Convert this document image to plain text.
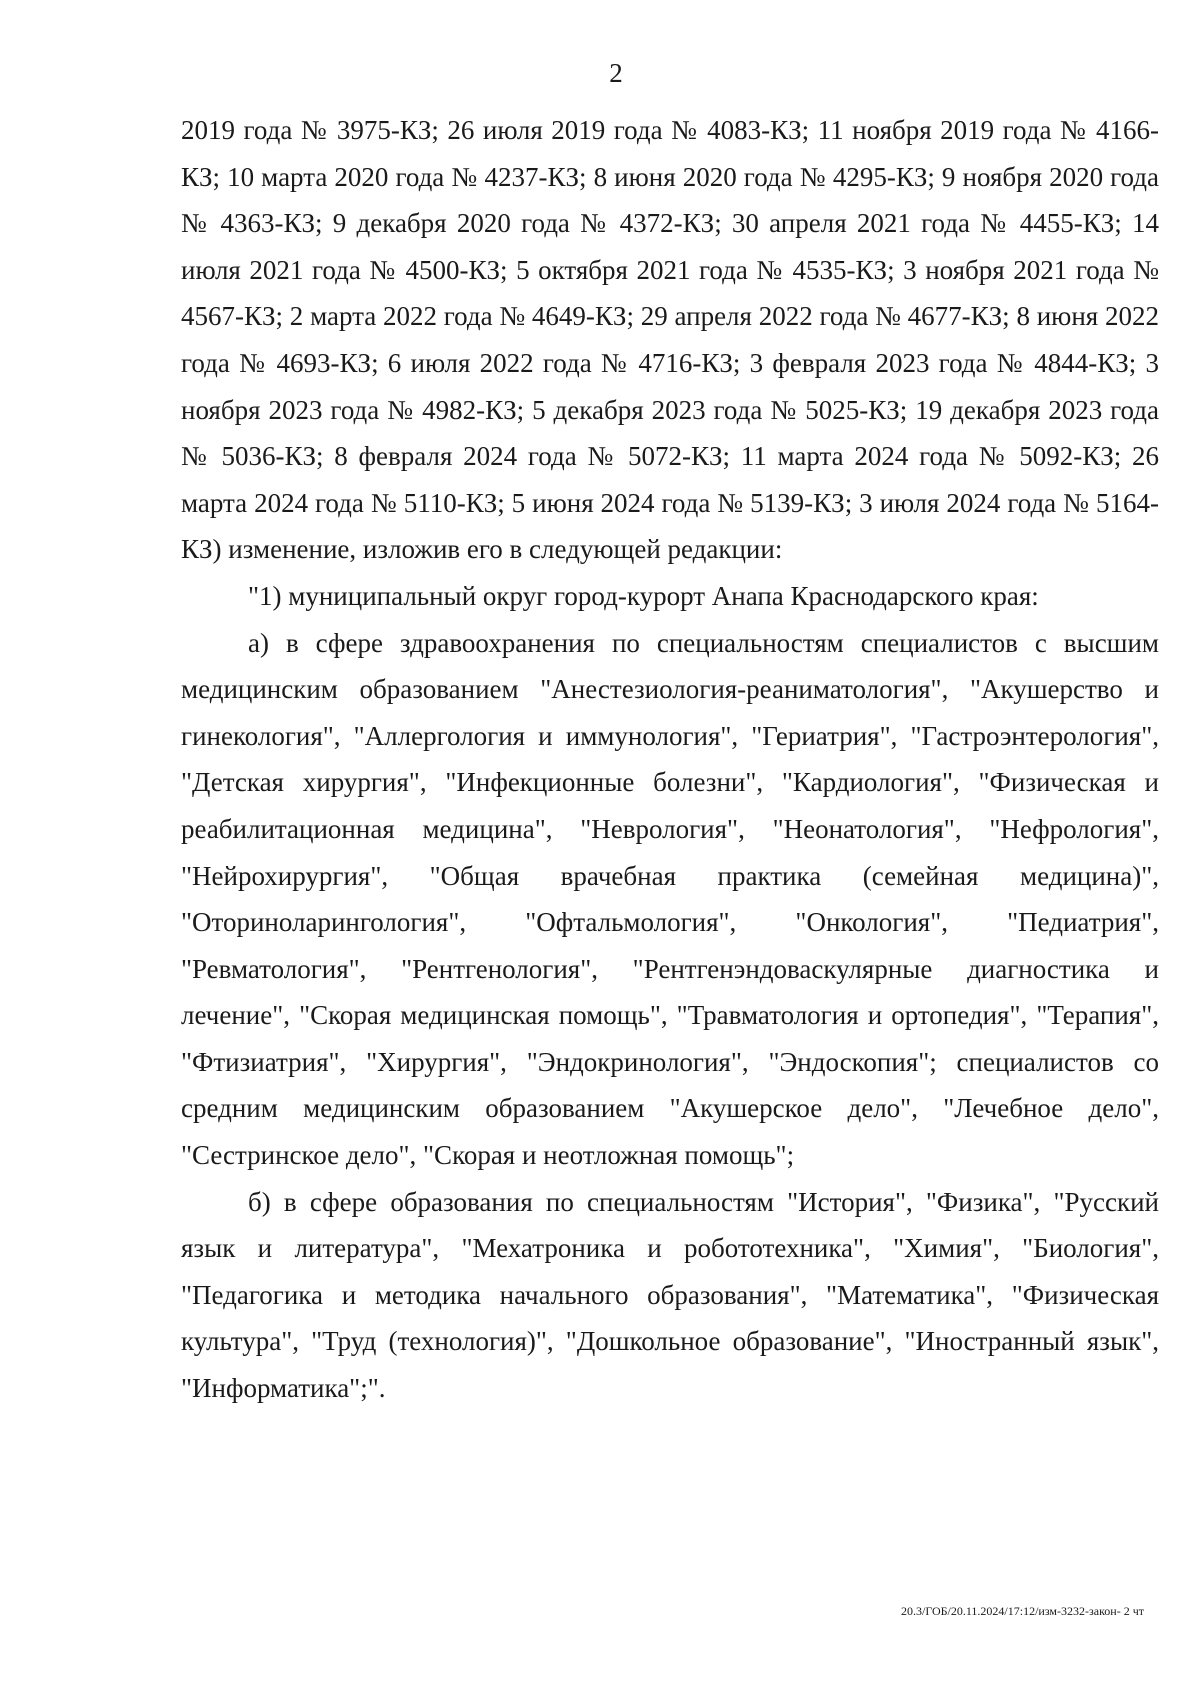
2

2019 года № 3975-КЗ; 26 июля 2019 года № 4083-КЗ; 11 ноября 2019 года № 4166-КЗ; 10 марта 2020 года № 4237-КЗ; 8 июня 2020 года № 4295-КЗ; 9 ноября 2020 года № 4363-КЗ; 9 декабря 2020 года № 4372-КЗ; 30 апреля 2021 года № 4455-КЗ; 14 июля 2021 года № 4500-КЗ; 5 октября 2021 года № 4535-КЗ; 3 ноября 2021 года № 4567-КЗ; 2 марта 2022 года № 4649-КЗ; 29 апреля 2022 года № 4677-КЗ; 8 июня 2022 года № 4693-КЗ; 6 июля 2022 года № 4716-КЗ; 3 февраля 2023 года № 4844-КЗ; 3 ноября 2023 года № 4982-КЗ; 5 декабря 2023 года № 5025-КЗ; 19 декабря 2023 года № 5036-КЗ; 8 февраля 2024 года № 5072-КЗ; 11 марта 2024 года № 5092-КЗ; 26 марта 2024 года № 5110-КЗ; 5 июня 2024 года № 5139-КЗ; 3 июля 2024 года № 5164-КЗ) изменение, изложив его в следующей редакции:

"1) муниципальный округ город-курорт Анапа Краснодарского края:

а) в сфере здравоохранения по специальностям специалистов с высшим медицинским образованием "Анестезиология-реаниматология", "Акушерство и гинекология", "Аллергология и иммунология", "Гериатрия", "Гастроэнтерология", "Детская хирургия", "Инфекционные болезни", "Кардиология", "Физическая и реабилитационная медицина", "Неврология", "Неонатология", "Нефрология", "Нейрохирургия", "Общая врачебная практика (семейная медицина)", "Оториноларингология", "Офтальмология", "Онкология", "Педиатрия", "Ревматология", "Рентгенология", "Рентгенэндоваскулярные диагностика и лечение", "Скорая медицинская помощь", "Травматология и ортопедия", "Терапия", "Фтизиатрия", "Хирургия", "Эндокринология", "Эндоскопия"; специалистов со средним медицинским образованием "Акушерское дело", "Лечебное дело", "Сестринское дело", "Скорая и неотложная помощь";

б) в сфере образования по специальностям "История", "Физика", "Русский язык и литература", "Мехатроника и робототехника", "Химия", "Биология", "Педагогика и методика начального образования", "Математика", "Физическая культура", "Труд (технология)", "Дошкольное образование", "Иностранный язык", "Информатика";".

20.3/ГОБ/20.11.2024/17:12/изм-3232-закон- 2 чт
